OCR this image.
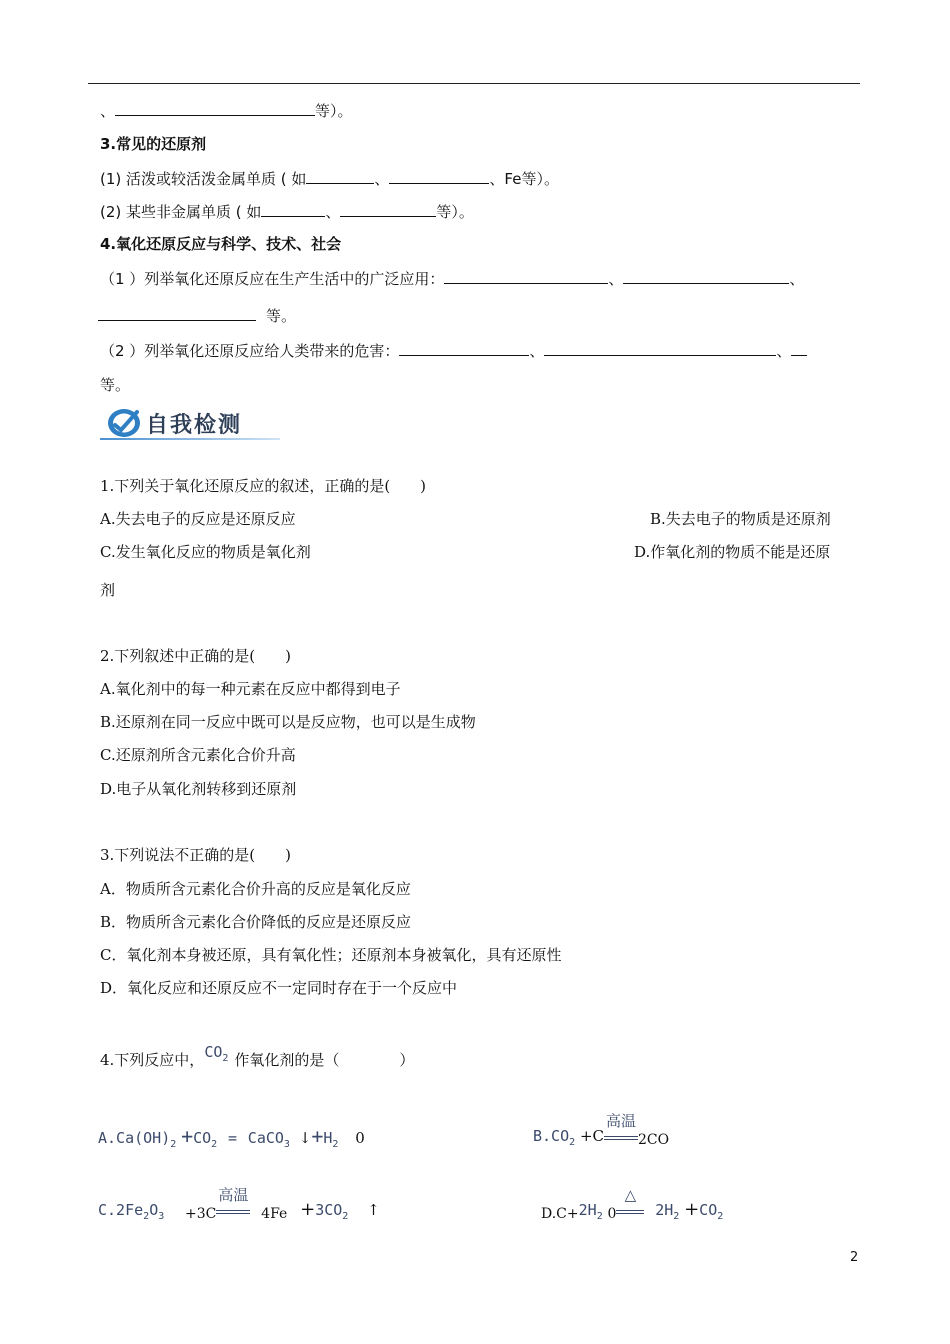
、	等）。
3.常见的还原剂
(1) 活泼或较活泼金属单质 ( 如	、	、Fe等）。
(2) 某些非金属单质 ( 如	、	等）。
4.氧化还原反应与科学、技术、社会
（1 ）列举氧化还原反应在生产生活中的广泛应用：	、	、
等。
（2 ）列举氧化还原反应给人类带来的危害：	、	、
等。
自我检测
1.下列关于氧化还原反应的叙述，正确的是(　　)
A.失去电子的反应是还原反应	B.失去电子的物质是还原剂
C.发生氧化反应的物质是氧化剂	D.作氧化剂的物质不能是还原
剂
2.下列叙述中正确的是(　　)
A.氧化剂中的每一种元素在反应中都得到电子
B.还原剂在同一反应中既可以是反应物，也可以是生成物
C.还原剂所含元素化合价升高
D.电子从氧化剂转移到还原剂
3.下列说法不正确的是(　　)
A．物质所含元素化合价升高的反应是氧化反应
B．物质所含元素化合价降低的反应是还原反应
C．氧化剂本身被还原，具有氧化性；还原剂本身被氧化，具有还原性
D．氧化反应和还原反应不一定同时存在于一个反应中
4.下列反应中，$CO_2$ 作氧化剂的是（　　　　）
$A.Ca(OH)_2 +CO_2$ = CaCO$_3$ $↓+H_2$ 0	$B.CO_2 +C$
高温
2CO
$C.2Fe_2O_3 +3C$
高温
$4Fe +3CO_2$ ↑	$D.C+2H_2$ 0
△
$2H_2 +CO_2$
2
